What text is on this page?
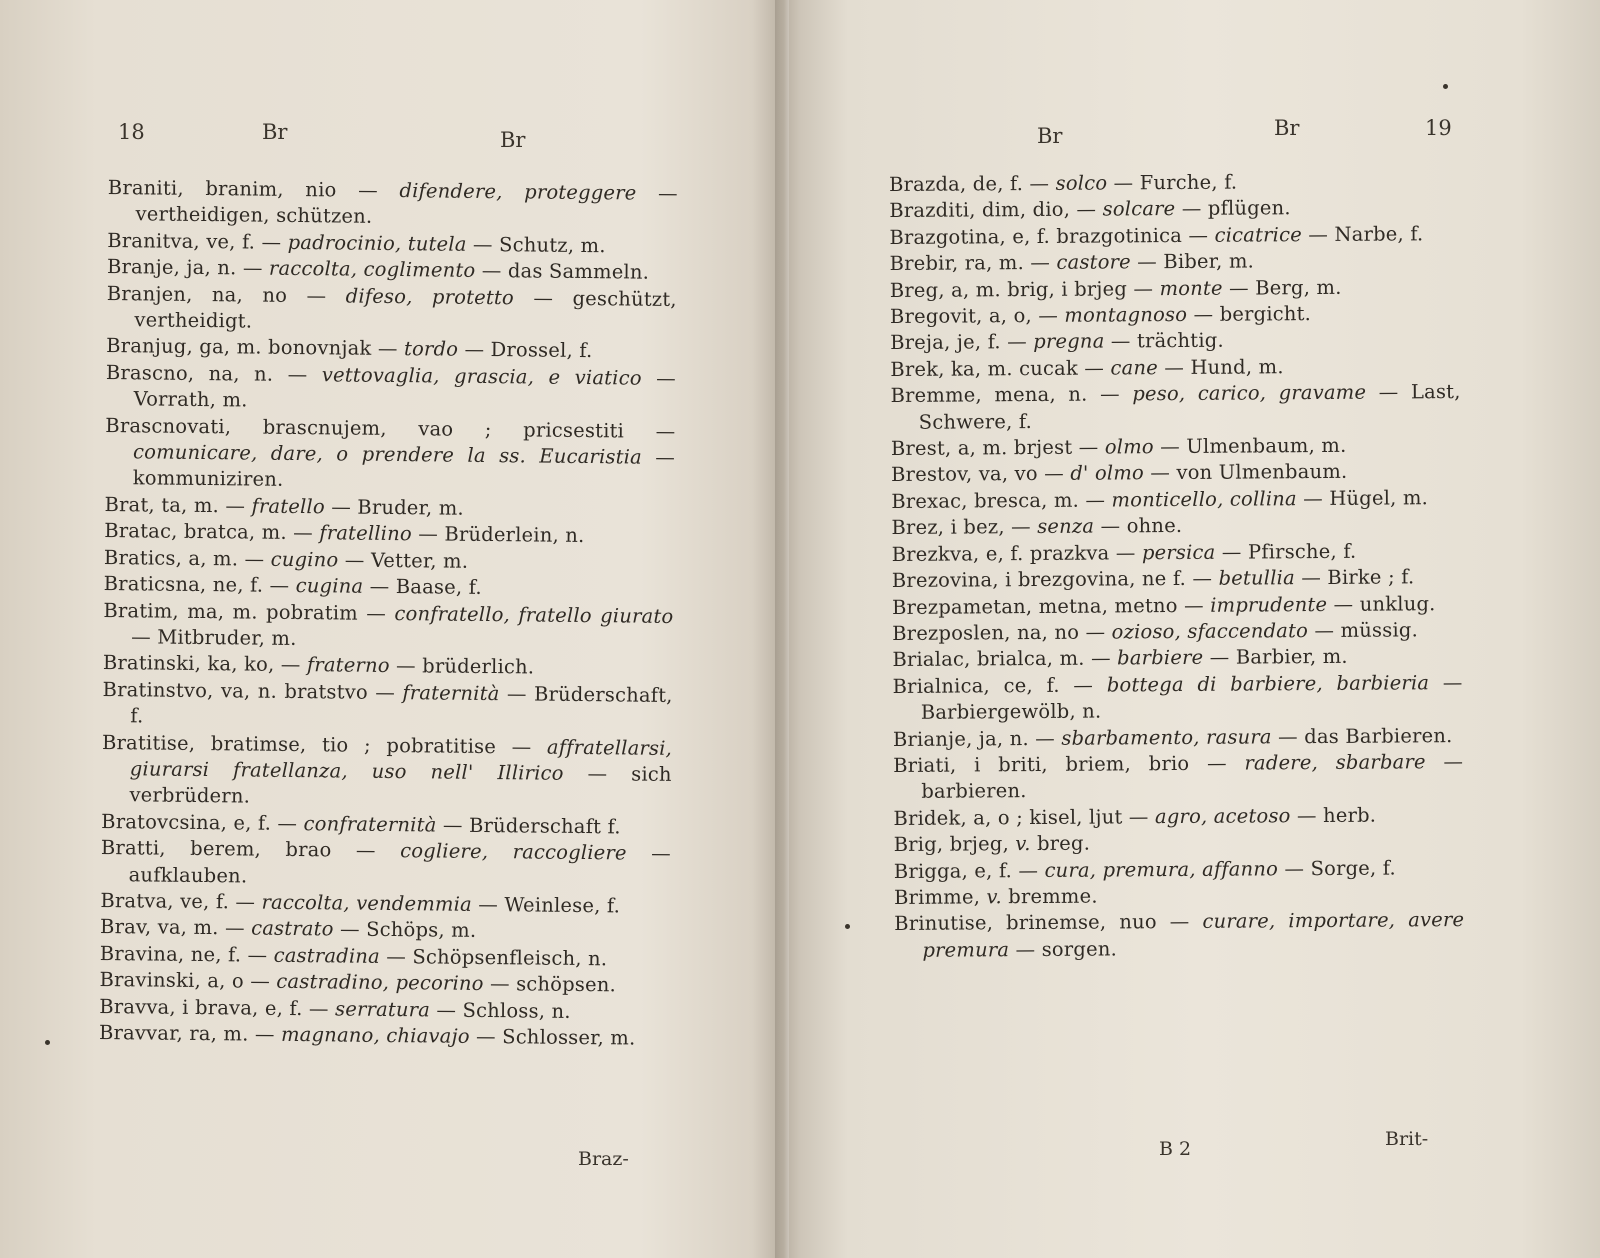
18	Br	Br

Braniti, branim, nio — difendere, proteggere — vertheidigen, schützen.

Branitva, ve, f. — padrocinio, tutela — Schutz, m.

Branje, ja, n. — raccolta, coglimento — das Sammeln.

Branjen, na, no — difeso, protetto — geschützt, vertheidigt.

Branjug, ga, m. bonovnjak — tordo — Drossel, f.

Brascno, na, n. — vettovaglia, grascia, e viatico — Vorrath, m.

Brascnovati, brascnujem, vao ; pricsestiti — comunicare, dare, o prendere la ss. Eucaristia — kommuniziren.

Brat, ta, m. — fratello — Bruder, m.

Bratac, bratca, m. — fratellino — Brüderlein, n.

Bratics, a, m. — cugino — Vetter, m.

Braticsna, ne, f. — cugina — Baase, f.

Bratim, ma, m. pobratim — confratello, fratello giurato — Mitbruder, m.

Bratinski, ka, ko, — fraterno — brüderlich.

Bratinstvo, va, n. bratstvo — fraternità — Brüderschaft, f.

Bratitise, bratimse, tio ; pobratitise — affratellarsi, giurarsi fratellanza, uso nell' Illirico — sich verbrüdern.

Bratovcsina, e, f. — confraternità — Brüderschaft f.

Bratti, berem, brao — cogliere, raccogliere — aufklauben.

Bratva, ve, f. — raccolta, vendemmia — Weinlese, f.

Brav, va, m. — castrato — Schöps, m.

Bravina, ne, f. — castradina — Schöpsenfleisch, n.

Bravinski, a, o — castradino, pecorino — schöpsen.

Bravva, i brava, e, f. — serratura — Schloss, n.

Bravvar, ra, m. — magnano, chiavajo — Schlosser, m.

Braz-
Br	Br	19

Brazda, de, f. — solco — Furche, f.

Brazditi, dim, dio, — solcare — pflügen.

Brazgotina, e, f. brazgotinica — cicatrice — Narbe, f.

Brebir, ra, m. — castore — Biber, m.

Breg, a, m. brig, i brjeg — monte — Berg, m.

Bregovit, a, o, — montagnoso — bergicht.

Breja, je, f. — pregna — trächtig.

Brek, ka, m. cucak — cane — Hund, m.

Bremme, mena, n. — peso, carico, gravame — Last, Schwere, f.

Brest, a, m. brjest — olmo — Ulmenbaum, m.

Brestov, va, vo — d' olmo — von Ulmenbaum.

Brexac, bresca, m. — monticello, collina — Hügel, m.

Brez, i bez, — senza — ohne.

Brezkva, e, f. prazkva — persica — Pfirsche, f.

Brezovina, i brezgovina, ne f. — betullia — Birke ; f.

Brezpametan, metna, metno — imprudente — unklug.

Brezposlen, na, no — ozioso, sfaccendato — müssig.

Brialac, brialca, m. — barbiere — Barbier, m.

Brialnica, ce, f. — bottega di barbiere, barbieria — Barbiergewölb, n.

Brianje, ja, n. — sbarbamento, rasura — das Barbieren.

Briati, i briti, briem, brio — radere, sbarbare — barbieren.

Bridek, a, o ; kisel, ljut — agro, acetoso — herb.

Brig, brjeg, v. breg.

Brigga, e, f. — cura, premura, affanno — Sorge, f.

Brimme, v. bremme.

Brinutise, brinemse, nuo — curare, importare, avere premura — sorgen.

B 2	Brit-
